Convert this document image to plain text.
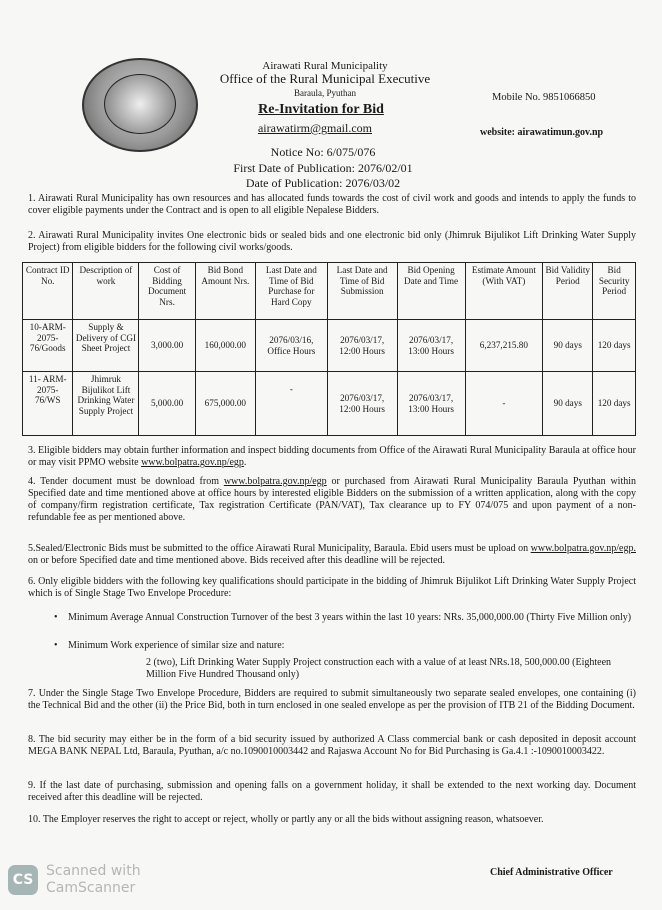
Airawati Rural Municipality
Office of the Rural Municipal Executive
Baraula, Pyuthan
Re-Invitation for Bid
airawatirm@gmail.com
Notice No: 6/075/076
First Date of Publication: 2076/02/01
Date of Publication: 2076/03/02
Mobile No. 9851066850
website: airawatimun.gov.np
1. Airawati Rural Municipality has own resources and has allocated funds towards the cost of civil work and goods and intends to apply the funds to cover eligible payments under the Contract and is open to all eligible Nepalese Bidders.
2. Airawati Rural Municipality invites One electronic bids or sealed bids and one electronic bid only (Jhimruk Bijulikot Lift Drinking Water Supply Project) from eligible bidders for the following civil works/goods.
Contract ID No.	Description of work	Cost of Bidding Document Nrs.	Bid Bond Amount Nrs.	Last Date and Time of Bid Purchase for Hard Copy	Last Date and Time of Bid Submission	Bid Opening Date and Time	Estimate Amount (With VAT)	Bid Validity Period	Bid Security Period
10-ARM-2075-76/Goods	Supply & Delivery of CGI Sheet Project	3,000.00	160,000.00	2076/03/16, Office Hours	2076/03/17, 12:00 Hours	2076/03/17, 13:00 Hours	6,237,215.80	90 days	120 days
11- ARM-2075-76/WS	Jhimruk Bijulikot Lift Drinking Water Supply Project	5,000.00	675,000.00	-	2076/03/17, 12:00 Hours	2076/03/17, 13:00 Hours	-	90 days	120 days
3. Eligible bidders may obtain further information and inspect bidding documents from Office of the Airawati Rural Municipality Baraula at office hour or may visit PPMO website www.bolpatra.gov.np/egp.
4. Tender document must be download from www.bolpatra.gov.np/egp or purchased from Airawati Rural Municipality Baraula Pyuthan within Specified date and time mentioned above at office hours by interested eligible Bidders on the submission of a written application, along with the copy of company/firm registration certificate, Tax registration Certificate (PAN/VAT), Tax clearance up to FY 074/075 and upon payment of a non-refundable fee as per mentioned above.
5.Sealed/Electronic Bids must be submitted to the office Airawati Rural Municipality, Baraula. Ebid users must be upload on www.bolpatra.gov.np/egp. on or before Specified date and time mentioned above. Bids received after this deadline will be rejected.
6. Only eligible bidders with the following key qualifications should participate in the bidding of Jhimruk Bijulikot Lift Drinking Water Supply Project which is of Single Stage Two Envelope Procedure:
• Minimum Average Annual Construction Turnover of the best 3 years within the last 10 years: NRs. 35,000,000.00 (Thirty Five Million only)
• Minimum Work experience of similar size and nature:
2 (two), Lift Drinking Water Supply Project construction each with a value of at least NRs.18, 500,000.00 (Eighteen Million Five Hundred Thousand only)
7. Under the Single Stage Two Envelope Procedure, Bidders are required to submit simultaneously two separate sealed envelopes, one containing (i) the Technical Bid and the other (ii) the Price Bid, both in turn enclosed in one sealed envelope as per the provision of ITB 21 of the Bidding Document.
8. The bid security may either be in the form of a bid security issued by authorized A Class commercial bank or cash deposited in deposit account MEGA BANK NEPAL Ltd, Baraula, Pyuthan, a/c no.1090010003442 and Rajaswa Account No for Bid Purchasing is Ga.4.1 :-1090010003422.
9. If the last date of purchasing, submission and opening falls on a government holiday, it shall be extended to the next working day. Document received after this deadline will be rejected.
10. The Employer reserves the right to accept or reject, wholly or partly any or all the bids without assigning reason, whatsoever.
Chief Administrative Officer
CS
Scanned with
CamScanner
